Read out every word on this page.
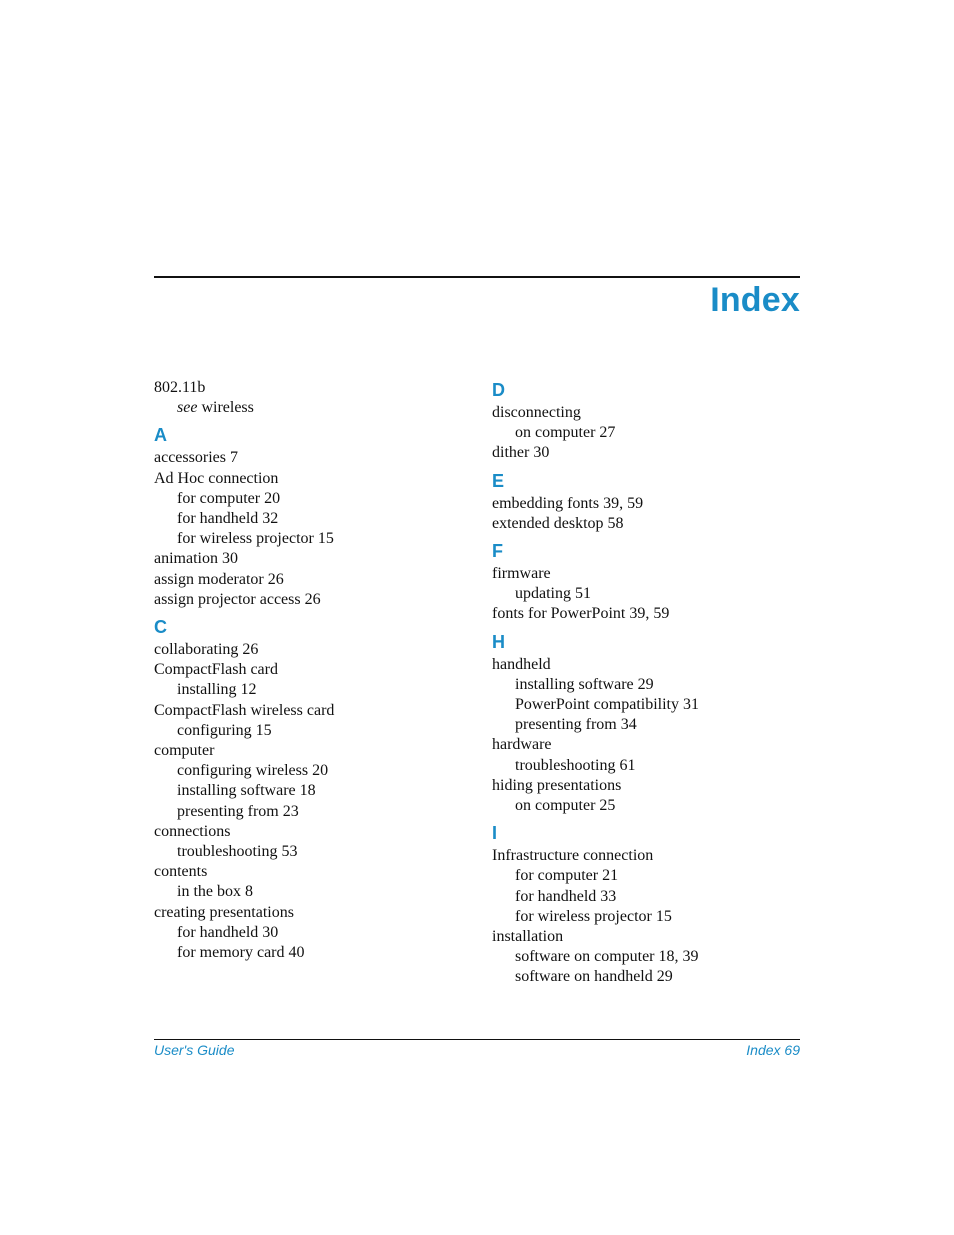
Index
802.11b
see wireless
A
accessories 7
Ad Hoc connection
for computer 20
for handheld 32
for wireless projector 15
animation 30
assign moderator 26
assign projector access 26
C
collaborating 26
CompactFlash card
installing 12
CompactFlash wireless card
configuring 15
computer
configuring wireless 20
installing software 18
presenting from 23
connections
troubleshooting 53
contents
in the box 8
creating presentations
for handheld 30
for memory card 40
D
disconnecting
on computer 27
dither 30
E
embedding fonts 39, 59
extended desktop 58
F
firmware
updating 51
fonts for PowerPoint 39, 59
H
handheld
installing software 29
PowerPoint compatibility 31
presenting from 34
hardware
troubleshooting 61
hiding presentations
on computer 25
I
Infrastructure connection
for computer 21
for handheld 33
for wireless projector 15
installation
software on computer 18, 39
software on handheld 29
User's Guide	Index 69
